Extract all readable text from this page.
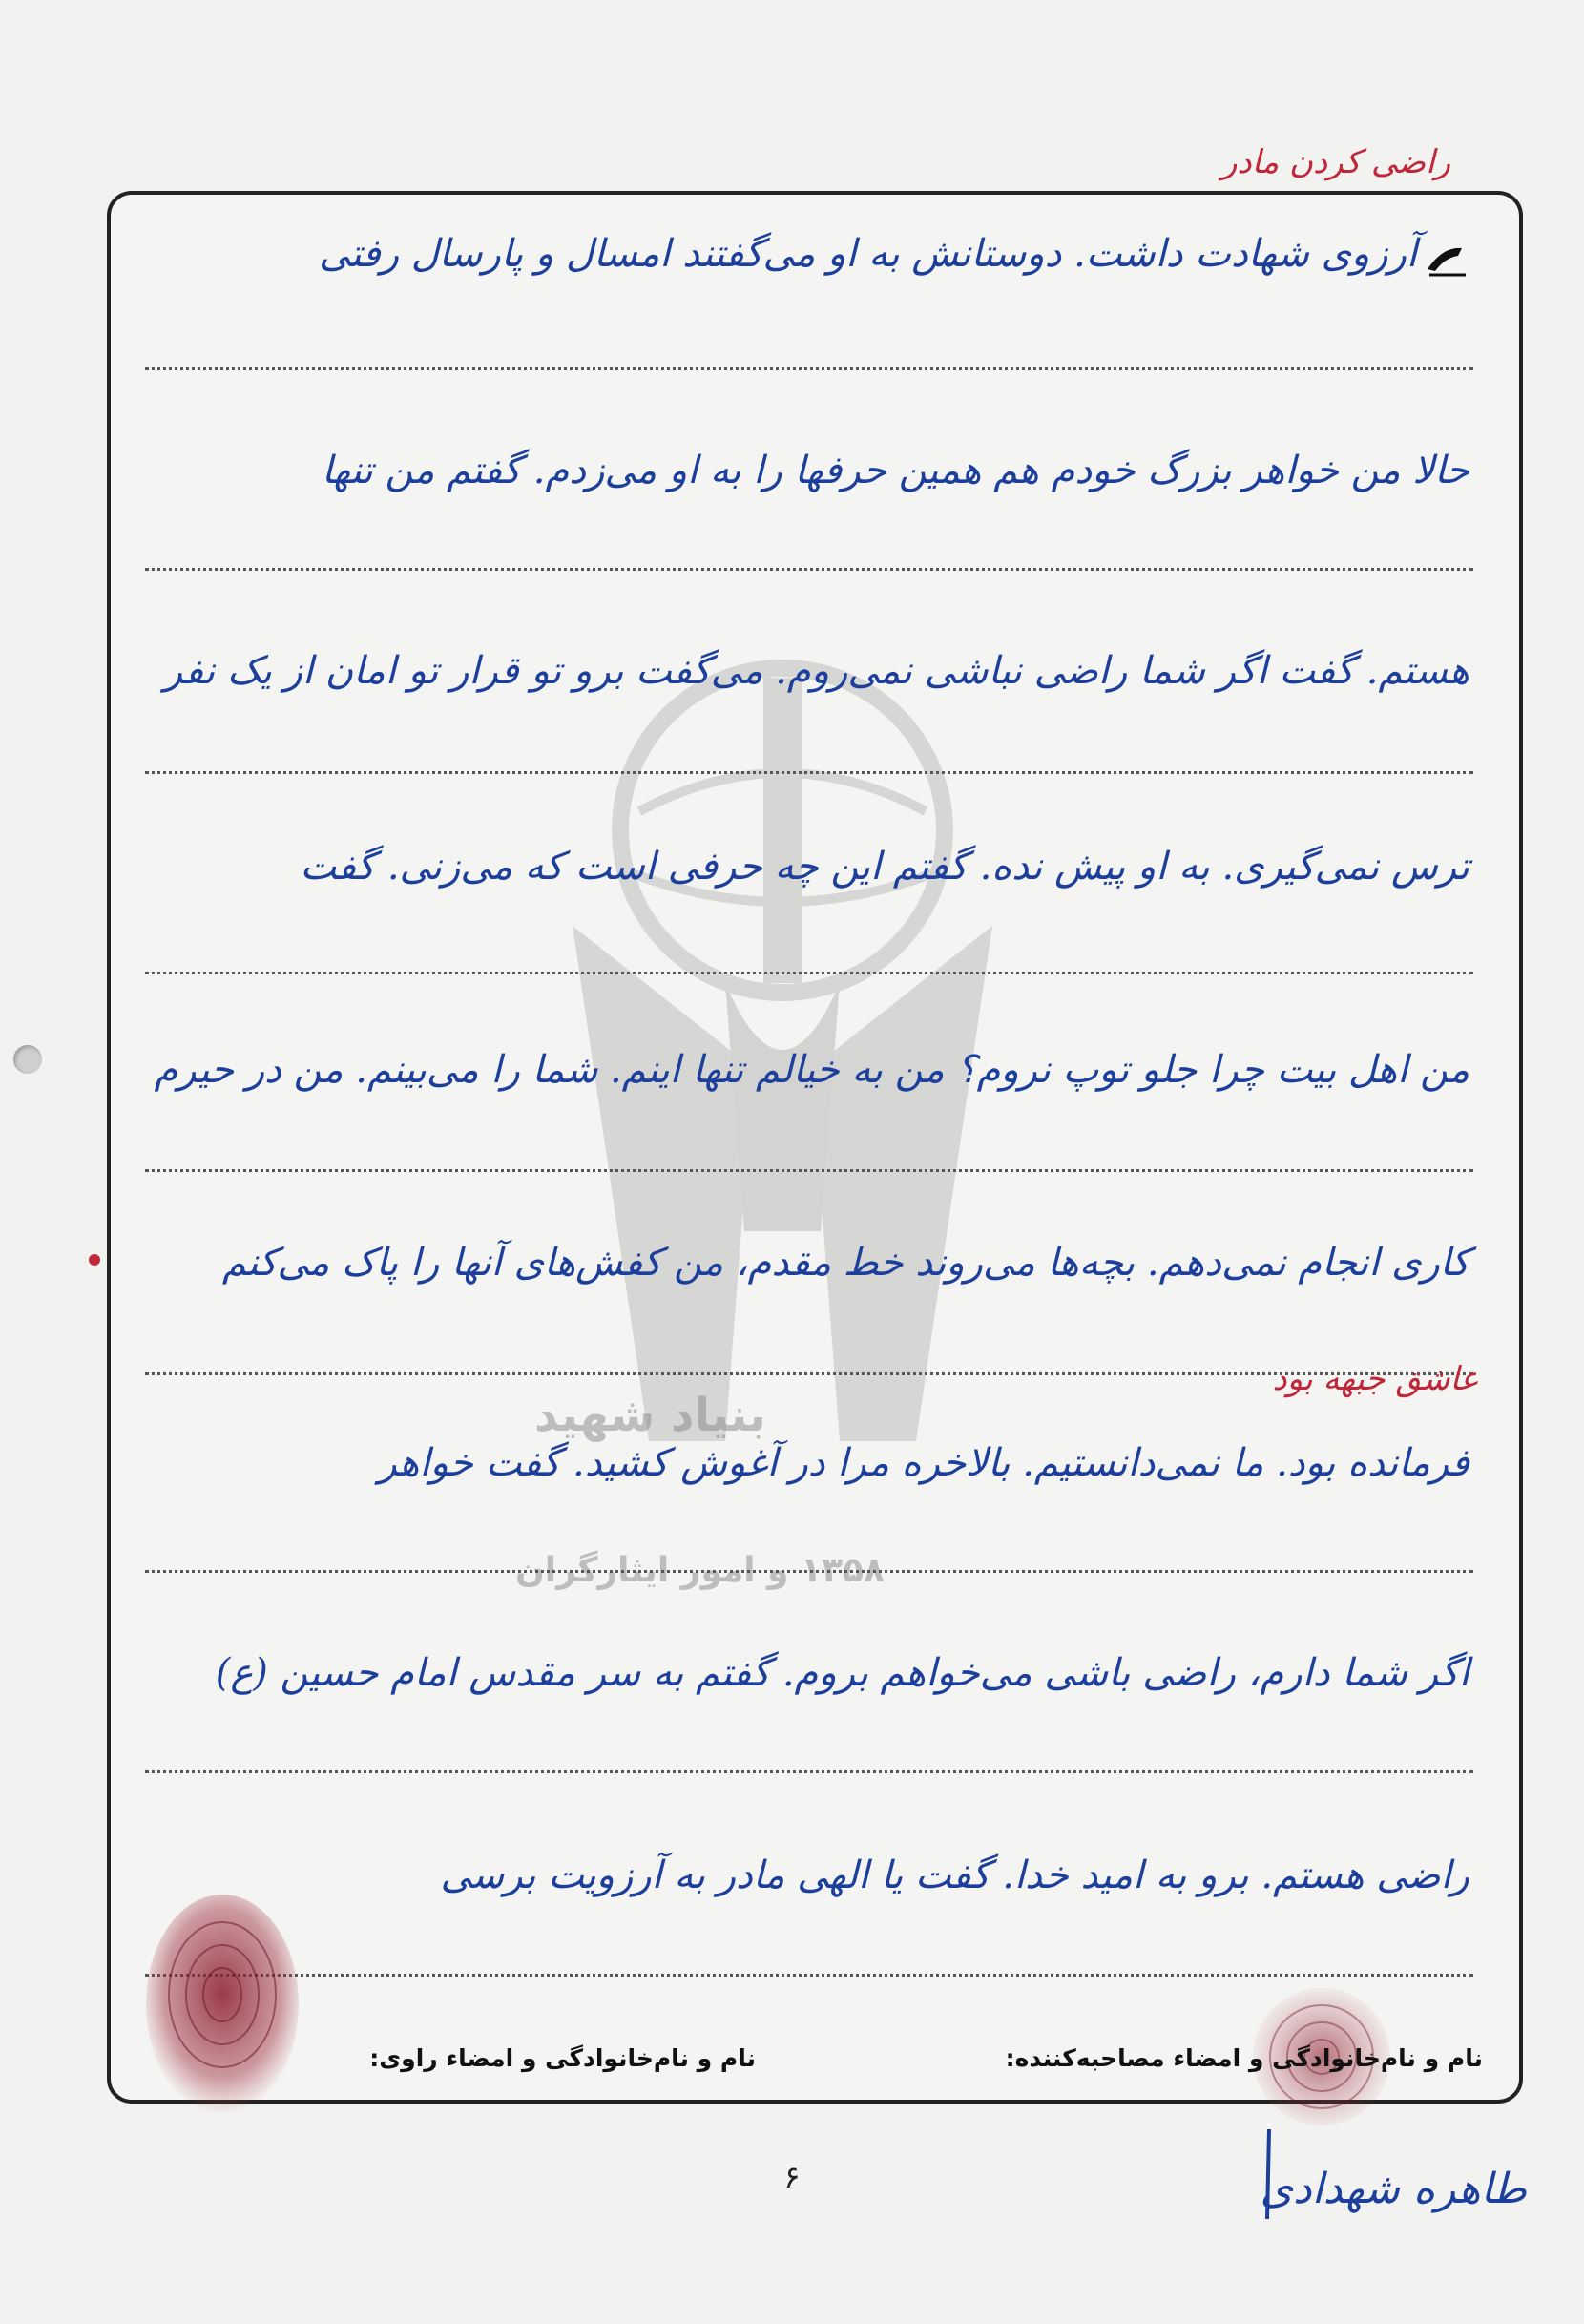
راضی کردن مادر
بنیاد شهید
۱۳۵۸ و امور ایثارگران
آرزوی شهادت داشت. دوستانش به او می‌گفتند امسال و پارسال رفتی
حالا من خواهر بزرگ خودم هم همین حرفها را به او می‌زدم. گفتم من تنها
هستم. گفت اگر شما راضی نباشی نمی‌روم. می‌گفت برو تو قرار تو امان از یک نفر
ترس نمی‌گیری. به او پیش نده. گفتم این چه حرفی است که می‌زنی. گفت
من اهل بیت چرا جلو توپ نروم؟ من به خیالم تنها اینم. شما را می‌بینم. من در حیرم
کاری انجام نمی‌دهم. بچه‌ها می‌روند خط مقدم، من کفش‌های آنها را پاک می‌کنم
عاشق جبهه بود
فرمانده بود. ما نمی‌دانستیم. بالاخره مرا در آغوش کشید. گفت خواهر
اگر شما دارم، راضی باشی می‌خواهم بروم. گفتم به سر مقدس امام حسین (ع)
راضی هستم. برو به امید خدا. گفت یا الهی مادر به آرزویت برسی
نام و نام‌خانوادگی و امضاء مصاحبه‌کننده:
نام و نام‌خانوادگی و امضاء راوی:
۶	طاهره شهدادی
